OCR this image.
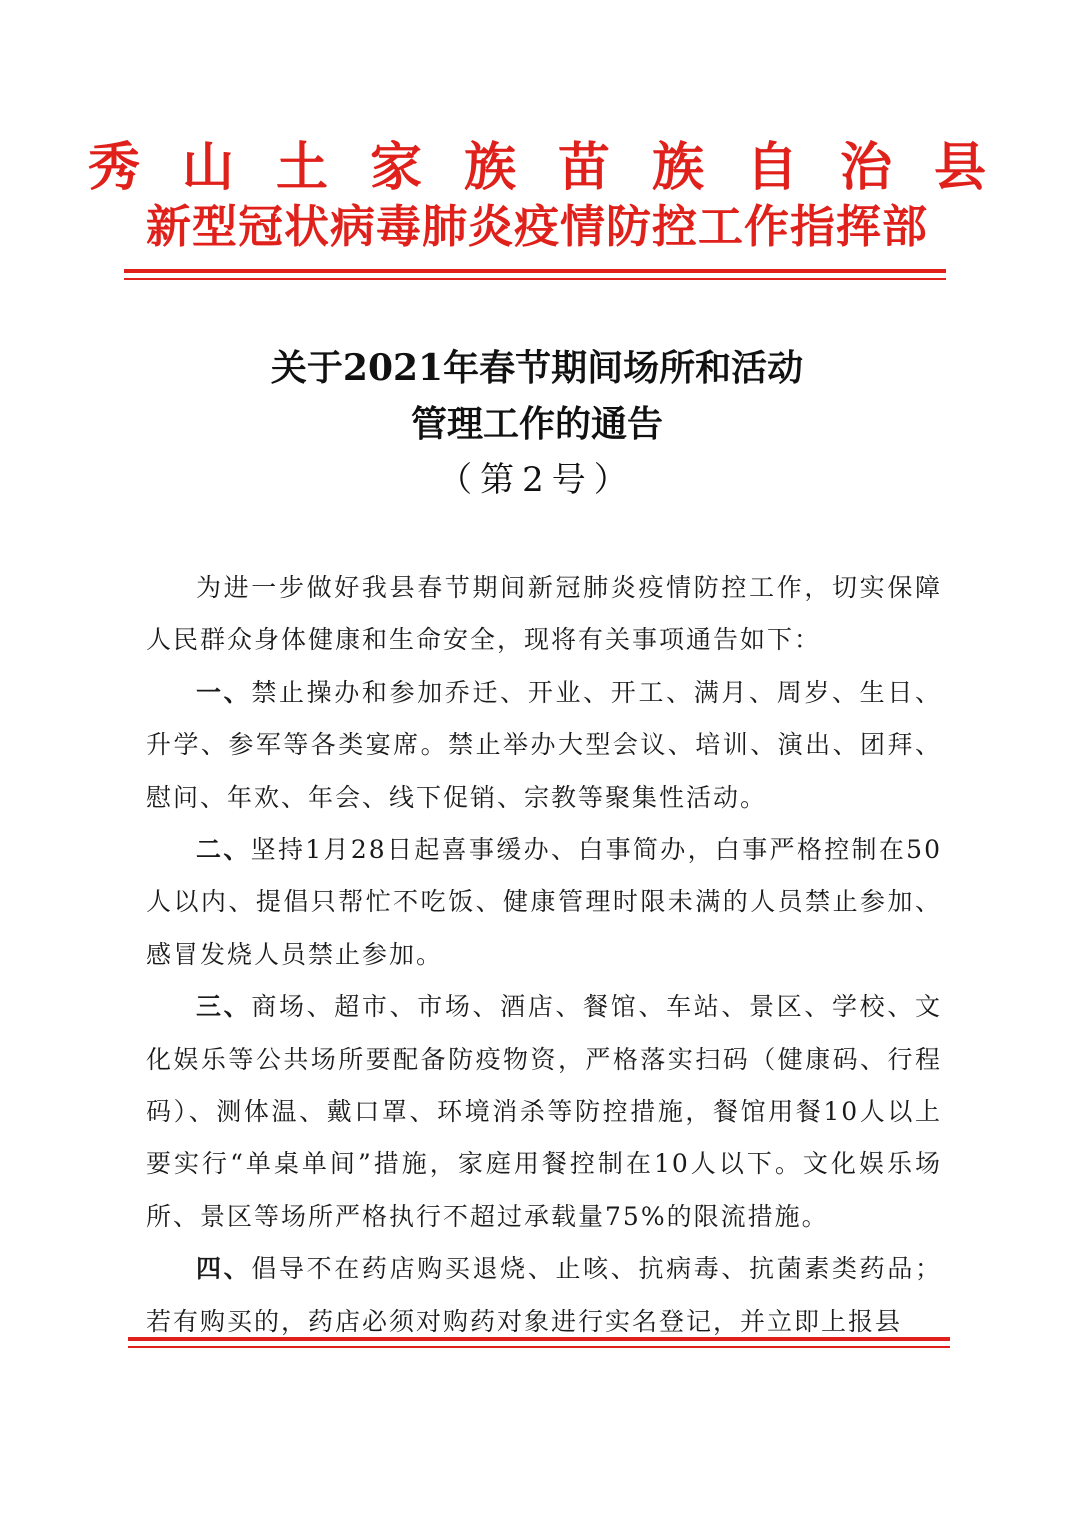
秀山土家族苗族自治县
新型冠状病毒肺炎疫情防控工作指挥部
关于2021年春节期间场所和活动
管理工作的通告
（第2号）

为进一步做好我县春节期间新冠肺炎疫情防控工作，切实保障人民群众身体健康和生命安全，现将有关事项通告如下：

一、禁止操办和参加乔迁、开业、开工、满月、周岁、生日、升学、参军等各类宴席。禁止举办大型会议、培训、演出、团拜、慰问、年欢、年会、线下促销、宗教等聚集性活动。

二、坚持1月28日起喜事缓办、白事简办，白事严格控制在50人以内、提倡只帮忙不吃饭、健康管理时限未满的人员禁止参加、感冒发烧人员禁止参加。

三、商场、超市、市场、酒店、餐馆、车站、景区、学校、文化娱乐等公共场所要配备防疫物资，严格落实扫码（健康码、行程码）、测体温、戴口罩、环境消杀等防控措施，餐馆用餐10人以上要实行“单桌单间”措施，家庭用餐控制在10人以下。文化娱乐场所、景区等场所严格执行不超过承载量75%的限流措施。

四、倡导不在药店购买退烧、止咳、抗病毒、抗菌素类药品；若有购买的，药店必须对购药对象进行实名登记，并立即上报县
